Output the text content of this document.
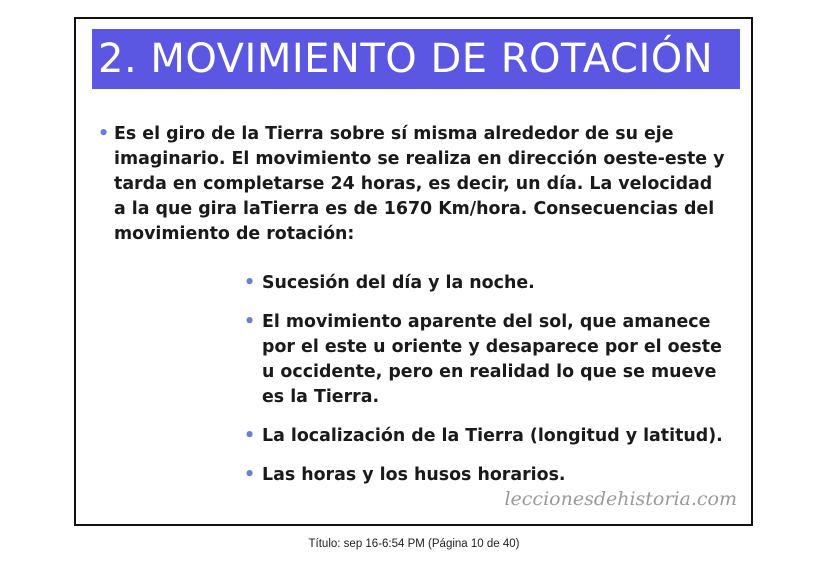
2. MOVIMIENTO DE ROTACIÓN
• Es el giro de la Tierra sobre sí misma alrededor de su eje imaginario. El movimiento se realiza en dirección oeste-este y tarda en completarse 24 horas, es decir, un día. La velocidad a la que gira laTierra es de 1670 Km/hora. Consecuencias del movimiento de rotación:
• Sucesión del día y la noche.
• El movimiento aparente del sol, que amanece por el este u oriente y desaparece por el oeste u occidente, pero en realidad lo que se mueve es la Tierra.
• La localización de la Tierra (longitud y latitud).
• Las horas y los husos horarios.
leccionesdehistoria.com
Título: sep 16-6:54 PM (Página 10 de 40)
